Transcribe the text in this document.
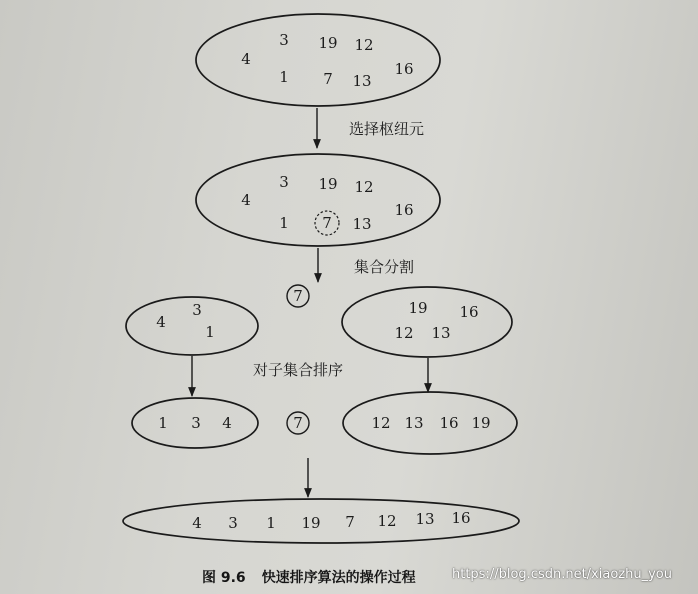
4
3 19 12
1 7 13
16
选择枢纽元
4
3 19 12
1 7 13
16
集合分割
7
4
3
1
19 16
12 13
对子集合排序
1 3 4	7	12 13 16 19
4 3 1 19 7 12 13 16
图 9.6 快速排序算法的操作过程	https://blog.csdn.net/xiaozhu_you
